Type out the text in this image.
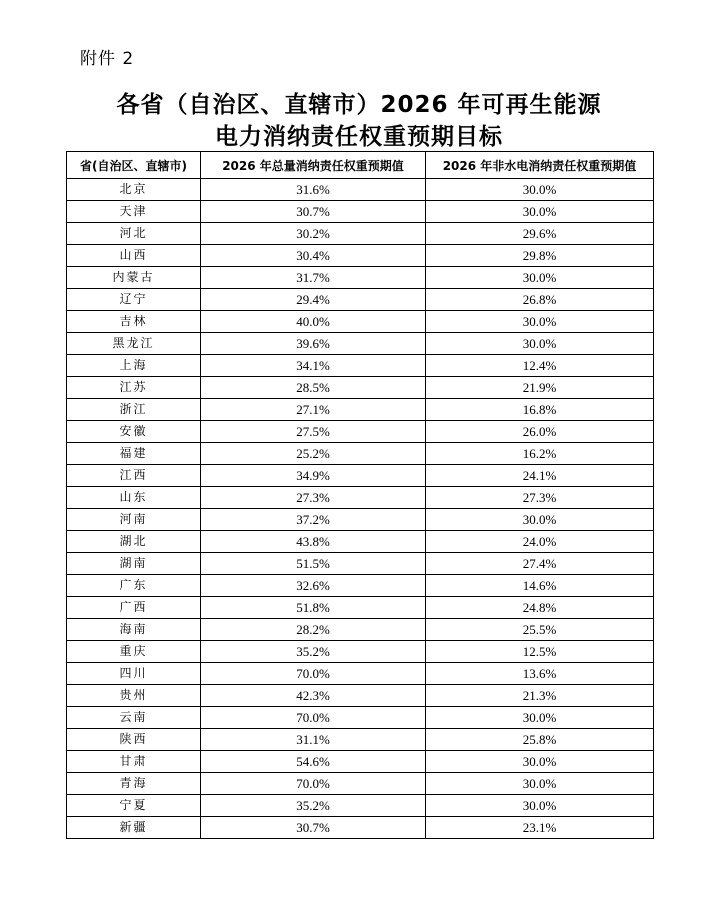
附件 2
各省（自治区、直辖市）2026 年可再生能源
电力消纳责任权重预期目标
省(自治区、直辖市)	2026 年总量消纳责任权重预期值	2026 年非水电消纳责任权重预期值
北京	31.6%	30.0%
天津	30.7%	30.0%
河北	30.2%	29.6%
山西	30.4%	29.8%
内蒙古	31.7%	30.0%
辽宁	29.4%	26.8%
吉林	40.0%	30.0%
黑龙江	39.6%	30.0%
上海	34.1%	12.4%
江苏	28.5%	21.9%
浙江	27.1%	16.8%
安徽	27.5%	26.0%
福建	25.2%	16.2%
江西	34.9%	24.1%
山东	27.3%	27.3%
河南	37.2%	30.0%
湖北	43.8%	24.0%
湖南	51.5%	27.4%
广东	32.6%	14.6%
广西	51.8%	24.8%
海南	28.2%	25.5%
重庆	35.2%	12.5%
四川	70.0%	13.6%
贵州	42.3%	21.3%
云南	70.0%	30.0%
陕西	31.1%	25.8%
甘肃	54.6%	30.0%
青海	70.0%	30.0%
宁夏	35.2%	30.0%
新疆	30.7%	23.1%
